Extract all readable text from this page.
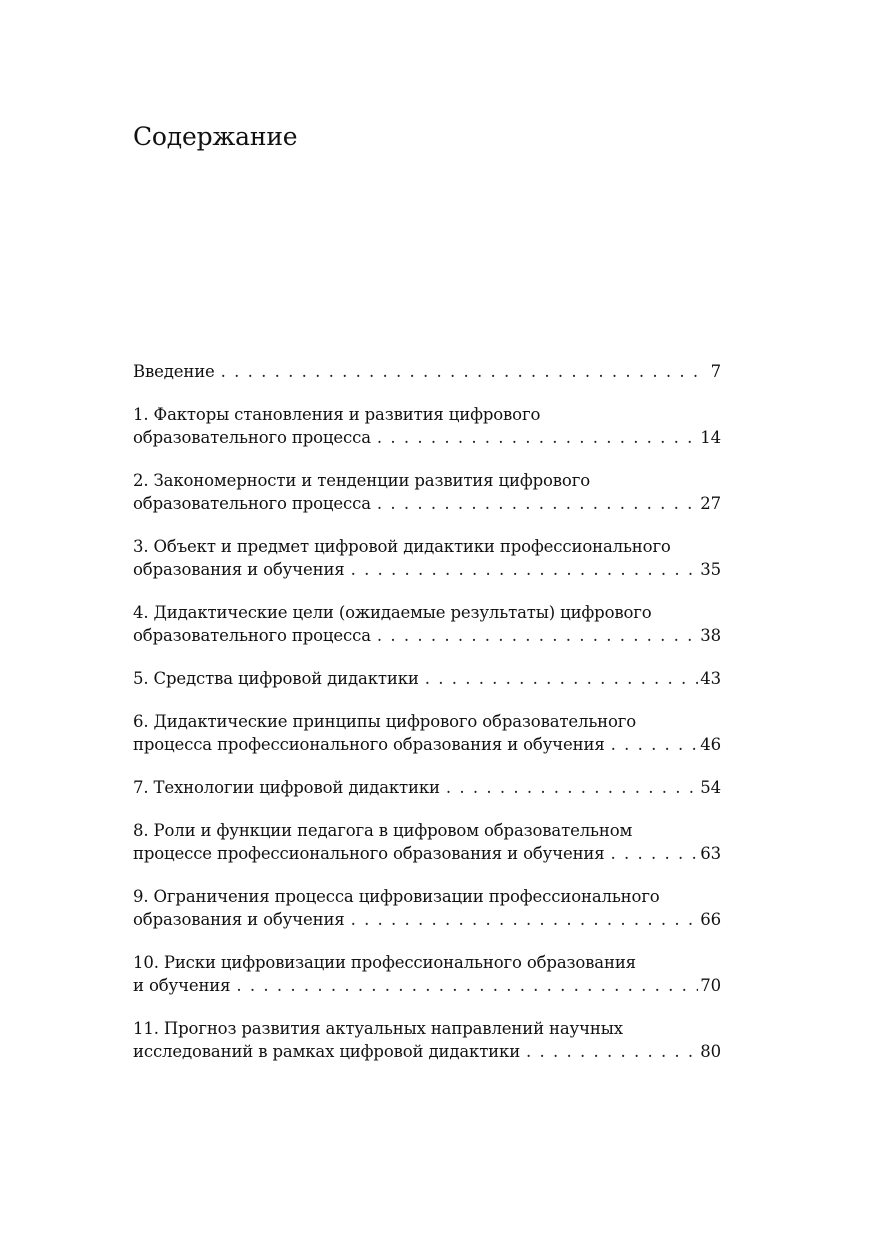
Содержание
Введение . . .	7
1. Факторы становления и развития цифрового
образовательного процесса . . .	14
2. Закономерности и тенденции развития цифрового
образовательного процесса . . .	27
3. Объект и предмет цифровой дидактики профессионального
образования и обучения . . .	35
4. Дидактические цели (ожидаемые результаты) цифрового
образовательного процесса . . .	38
5. Средства цифровой дидактики . . .	43
6. Дидактические принципы цифрового образовательного
процесса профессионального образования и обучения . . .	46
7. Технологии цифровой дидактики . . .	54
8. Роли и функции педагога в цифровом образовательном
процессе профессионального образования и обучения . . .	63
9. Ограничения процесса цифровизации профессионального
образования и обучения . . .	66
10. Риски цифровизации профессионального образования
и обучения . . .	70
11. Прогноз развития актуальных направлений научных
исследований в рамках цифровой дидактики . . .	80
